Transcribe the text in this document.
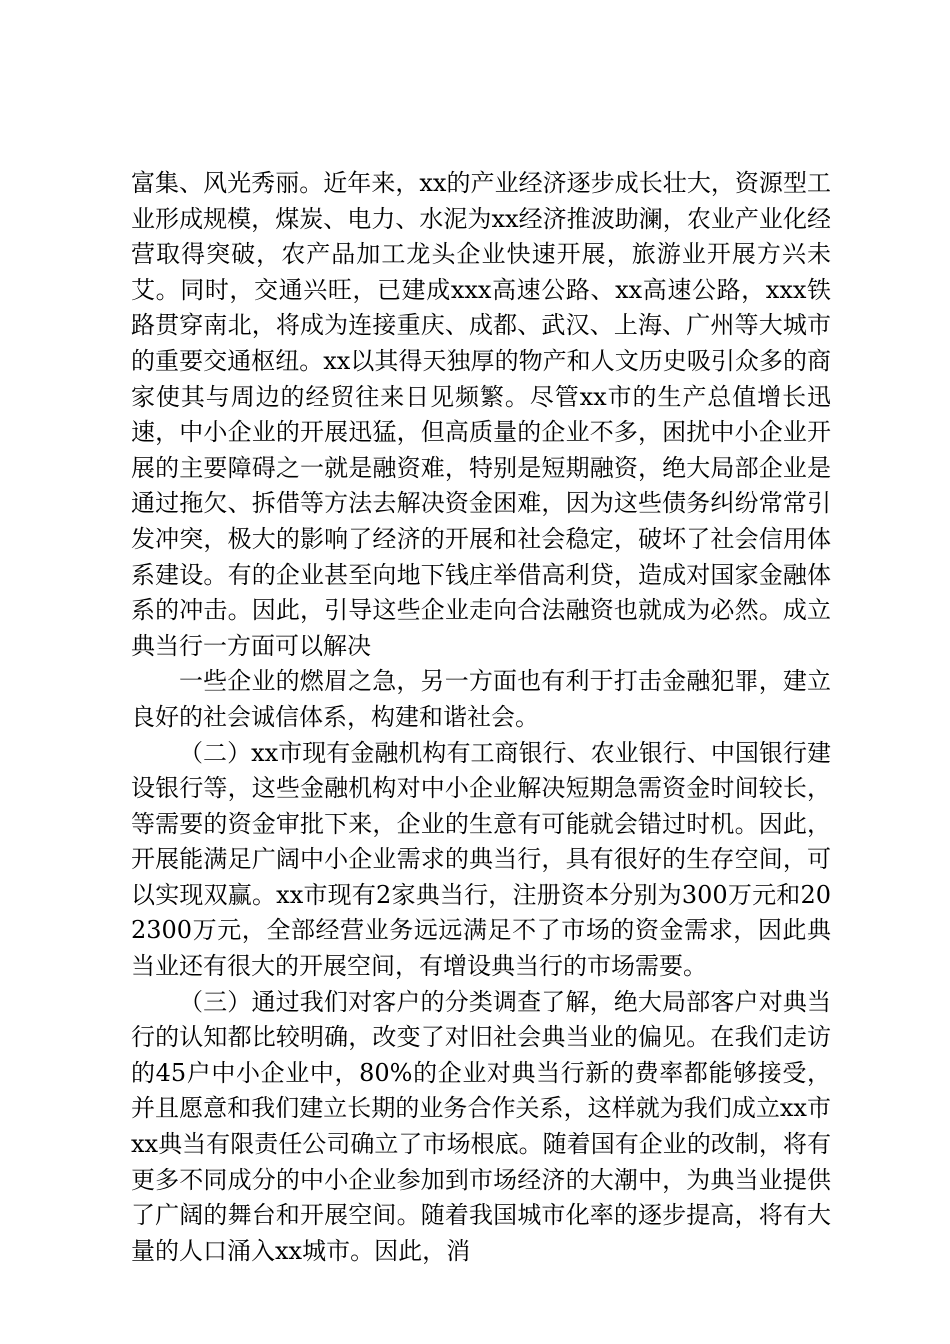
富集、风光秀丽。近年来，xx的产业经济逐步成长壮大，资源型工业形成规模，煤炭、电力、水泥为xx经济推波助澜，农业产业化经营取得突破，农产品加工龙头企业快速开展，旅游业开展方兴未艾。同时，交通兴旺，已建成xxx高速公路、xx高速公路，xxx铁路贯穿南北，将成为连接重庆、成都、武汉、上海、广州等大城市的重要交通枢纽。xx以其得天独厚的物产和人文历史吸引众多的商家使其与周边的经贸往来日见频繁。尽管xx市的生产总值增长迅速，中小企业的开展迅猛，但高质量的企业不多，困扰中小企业开展的主要障碍之一就是融资难，特别是短期融资，绝大局部企业是通过拖欠、拆借等方法去解决资金困难，因为这些债务纠纷常常引发冲突，极大的影响了经济的开展和社会稳定，破坏了社会信用体系建设。有的企业甚至向地下钱庄举借高利贷，造成对国家金融体系的冲击。因此，引导这些企业走向合法融资也就成为必然。成立典当行一方面可以解决

一些企业的燃眉之急，另一方面也有利于打击金融犯罪，建立良好的社会诚信体系，构建和谐社会。

（二）xx市现有金融机构有工商银行、农业银行、中国银行建设银行等，这些金融机构对中小企业解决短期急需资金时间较长，等需要的资金审批下来，企业的生意有可能就会错过时机。因此，开展能满足广阔中小企业需求的典当行，具有很好的生存空间，可以实现双赢。xx市现有2家典当行，注册资本分别为300万元和202300万元，全部经营业务远远满足不了市场的资金需求，因此典当业还有很大的开展空间，有增设典当行的市场需要。

（三）通过我们对客户的分类调查了解，绝大局部客户对典当行的认知都比较明确，改变了对旧社会典当业的偏见。在我们走访的45户中小企业中，80%的企业对典当行新的费率都能够接受，并且愿意和我们建立长期的业务合作关系，这样就为我们成立xx市xx典当有限责任公司确立了市场根底。随着国有企业的改制，将有更多不同成分的中小企业参加到市场经济的大潮中，为典当业提供了广阔的舞台和开展空间。随着我国城市化率的逐步提高，将有大量的人口涌入xx城市。因此，消
